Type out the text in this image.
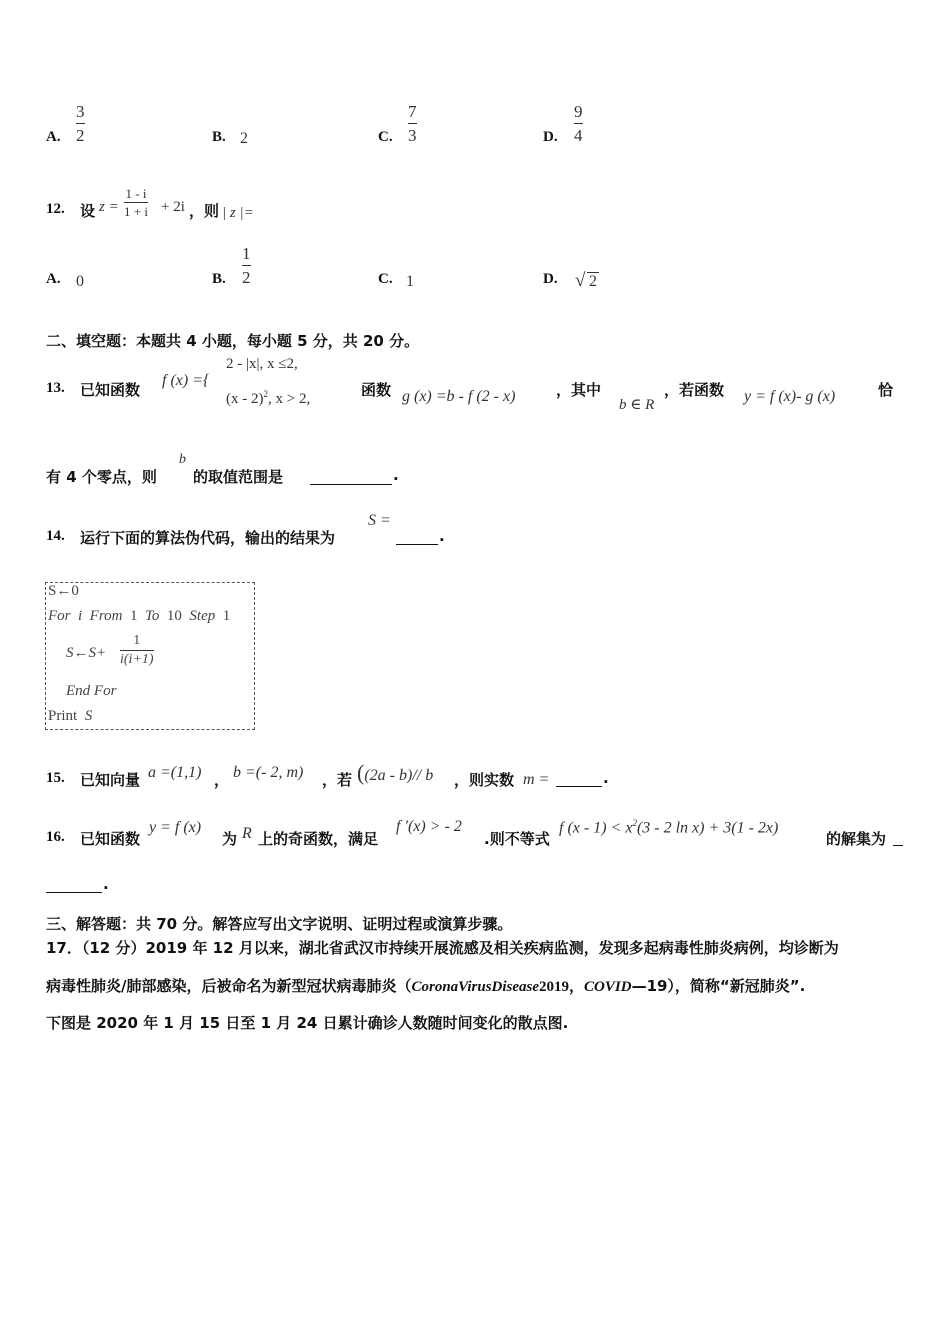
A.
3
2	B. 2	C.
7
3	D.
9
4
12. 设 z =
1 - i
1 + i + 2i ，则 | z |=
A. 0	B.
1
2	C. 1	D. √ 2
二、填空题：本题共 4 小题，每小题 5 分，共 20 分。
13. 已知函数
f (x) ={
2 - |x|, x ≤2,
(x - 2)$^2$, x > 2,	函数 g (x) =b - f (2 - x)	，其中
b ∈ R
，若函数 y = f (x)- g (x)	恰
有 4 个零点，则
b
的取值范围是	.
14. 运行下面的算法伪代码，输出的结果为
S =
.
S←0
For i From 1 To 10 Step 1
S←S+
1
i(i+1)
End For
Print S
15. 已知向量 a =(1,1) ， b =(- 2, m) ，若 ((2a - b)// b ，则实数 m =	.
16. 已知函数
y = f (x)
为 R 上的奇函数，满足
f ′(x) > - 2
.则不等式
f $(x - 1) < x^2(3 - 2$ ln x) + 3(1 - 2x)
的解集为
.
三、解答题：共 70 分。解答应写出文字说明、证明过程或演算步骤。
17．（12 分）2019 年 12 月以来，湖北省武汉市持续开展流感及相关疾病监测，发现多起病毒性肺炎病例，均诊断为
病毒性肺炎/肺部感染，后被命名为新型冠状病毒肺炎（CoronaVirusDisease2019，COVID—19），简称“新冠肺炎”.
下图是 2020 年 1 月 15 日至 1 月 24 日累计确诊人数随时间变化的散点图.
